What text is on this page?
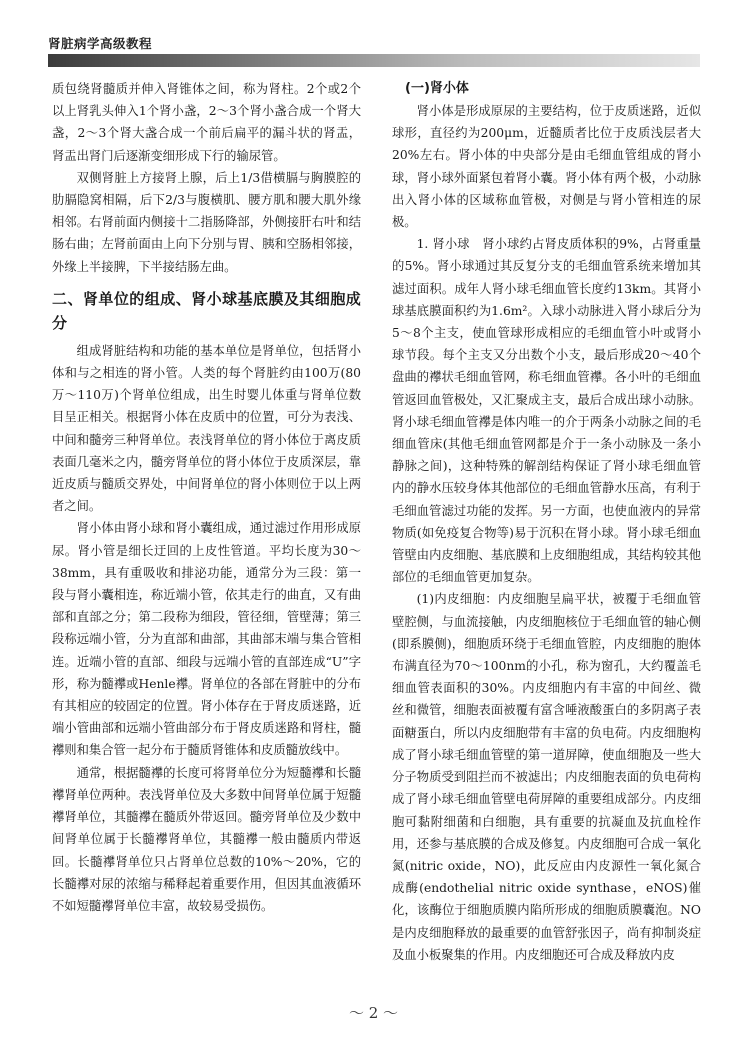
肾脏病学高级教程

质包绕肾髓质并伸入肾锥体之间，称为肾柱。2个或2个以上肾乳头伸入1个肾小盏，2～3个肾小盏合成一个肾大盏，2～3个肾大盏合成一个前后扁平的漏斗状的肾盂，肾盂出肾门后逐渐变细形成下行的输尿管。

双侧肾脏上方接肾上腺，后上1/3借横膈与胸膜腔的肋膈隐窝相隔，后下2/3与腹横肌、腰方肌和腰大肌外缘相邻。右肾前面内侧接十二指肠降部，外侧接肝右叶和结肠右曲；左肾前面由上向下分别与胃、胰和空肠相邻接，外缘上半接脾，下半接结肠左曲。

二、肾单位的组成、肾小球基底膜及其细胞成分

组成肾脏结构和功能的基本单位是肾单位，包括肾小体和与之相连的肾小管。人类的每个肾脏约由100万(80万～110万)个肾单位组成，出生时婴儿体重与肾单位数目呈正相关。根据肾小体在皮质中的位置，可分为表浅、中间和髓旁三种肾单位。表浅肾单位的肾小体位于离皮质表面几毫米之内，髓旁肾单位的肾小体位于皮质深层，靠近皮质与髓质交界处，中间肾单位的肾小体则位于以上两者之间。

肾小体由肾小球和肾小囊组成，通过滤过作用形成原尿。肾小管是细长迂回的上皮性管道。平均长度为30～38mm，具有重吸收和排泌功能，通常分为三段：第一段与肾小囊相连，称近端小管，依其走行的曲直，又有曲部和直部之分；第二段称为细段，管径细，管壁薄；第三段称远端小管，分为直部和曲部，其曲部末端与集合管相连。近端小管的直部、细段与远端小管的直部连成“U”字形，称为髓襻或Henle襻。肾单位的各部在肾脏中的分布有其相应的较固定的位置。肾小体存在于肾皮质迷路，近端小管曲部和远端小管曲部分布于肾皮质迷路和肾柱，髓襻则和集合管一起分布于髓质肾锥体和皮质髓放线中。

通常，根据髓襻的长度可将肾单位分为短髓襻和长髓襻肾单位两种。表浅肾单位及大多数中间肾单位属于短髓襻肾单位，其髓襻在髓质外带返回。髓旁肾单位及少数中间肾单位属于长髓襻肾单位，其髓襻一般由髓质内带返回。长髓襻肾单位只占肾单位总数的10%～20%，它的长髓襻对尿的浓缩与稀释起着重要作用，但因其血液循环不如短髓襻肾单位丰富，故较易受损伤。

(一)肾小体

肾小体是形成原尿的主要结构，位于皮质迷路，近似球形，直径约为200μm，近髓质者比位于皮质浅层者大20%左右。肾小体的中央部分是由毛细血管组成的肾小球，肾小球外面紧包着肾小囊。肾小体有两个极，小动脉出入肾小体的区域称血管极，对侧是与肾小管相连的尿极。

1. 肾小球　肾小球约占肾皮质体积的9%，占肾重量的5%。肾小球通过其反复分支的毛细血管系统来增加其滤过面积。成年人肾小球毛细血管长度约13km。其肾小球基底膜面积约为1.6m²。入球小动脉进入肾小球后分为5～8个主支，使血管球形成相应的毛细血管小叶或肾小球节段。每个主支又分出数个小支，最后形成20～40个盘曲的襻状毛细血管网，称毛细血管襻。各小叶的毛细血管返回血管极处，又汇聚成主支，最后合成出球小动脉。肾小球毛细血管襻是体内唯一的介于两条小动脉之间的毛细血管床(其他毛细血管网都是介于一条小动脉及一条小静脉之间)，这种特殊的解剖结构保证了肾小球毛细血管内的静水压较身体其他部位的毛细血管静水压高，有利于毛细血管滤过功能的发挥。另一方面，也使血液内的异常物质(如免疫复合物等)易于沉积在肾小球。肾小球毛细血管壁由内皮细胞、基底膜和上皮细胞组成，其结构较其他部位的毛细血管更加复杂。

(1)内皮细胞：内皮细胞呈扁平状，被覆于毛细血管壁腔侧，与血流接触，内皮细胞核位于毛细血管的轴心侧(即系膜侧)，细胞质环绕于毛细血管腔，内皮细胞的胞体布满直径为70～100nm的小孔，称为窗孔，大约覆盖毛细血管表面积的30%。内皮细胞内有丰富的中间丝、微丝和微管，细胞表面被覆有富含唾液酸蛋白的多阴离子表面糖蛋白，所以内皮细胞带有丰富的负电荷。内皮细胞构成了肾小球毛细血管壁的第一道屏障，使血细胞及一些大分子物质受到阻拦而不被滤出；内皮细胞表面的负电荷构成了肾小球毛细血管壁电荷屏障的重要组成部分。内皮细胞可黏附细菌和白细胞，具有重要的抗凝血及抗血栓作用，还参与基底膜的合成及修复。内皮细胞可合成一氧化氮(nitric oxide，NO)，此反应由内皮源性一氧化氮合成酶(endothelial nitric oxide synthase，eNOS)催化，该酶位于细胞质膜内陷所形成的细胞质膜囊泡。NO是内皮细胞释放的最重要的血管舒张因子，尚有抑制炎症及血小板聚集的作用。内皮细胞还可合成及释放内皮

～ 2 ～
